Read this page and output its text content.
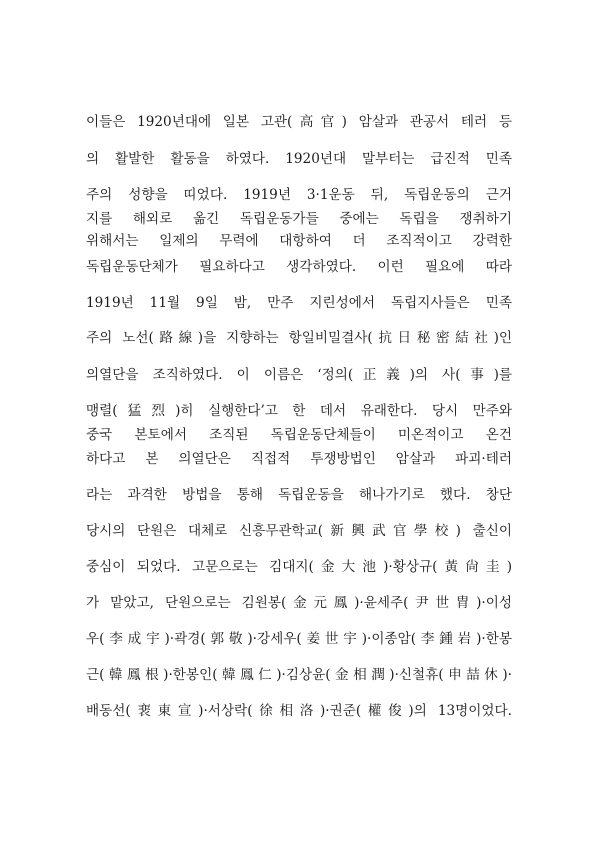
이들은 1920년대에 일본 고관(高官) 암살과 관공서 테러 등
의 활발한 활동을 하였다. 1920년대 말부터는 급진적 민족
주의 성향을 띠었다. 1919년 3·1운동 뒤, 독립운동의 근거
지를 해외로 옮긴 독립운동가들 중에는 독립을 쟁취하기
위해서는 일제의 무력에 대항하여 더 조직적이고 강력한
독립운동단체가 필요하다고 생각하였다. 이런 필요에 따라
1919년 11월 9일 밤, 만주 지린성에서 독립지사들은 민족
주의 노선(路線)을 지향하는 항일비밀결사(抗日秘密結社)인
의열단을 조직하였다. 이 이름은 ‘정의(正義)의 사(事)를
맹렬(猛烈)히 실행한다’고 한 데서 유래한다. 당시 만주와
중국 본토에서 조직된 독립운동단체들이 미온적이고 온건
하다고 본 의열단은 직접적 투쟁방법인 암살과 파괴·테러
라는 과격한 방법을 통해 독립운동을 해나가기로 했다. 창단
당시의 단원은 대체로 신흥무관학교(新興武官學校) 출신이
중심이 되었다. 고문으로는 김대지(金大池)·황상규(黃尙圭)
가 맡았고, 단원으로는 김원봉(金元鳳)·윤세주(尹世胄)·이성
우(李成宇)·곽경(郭敬)·강세우(姜世宇)·이종암(李鍾岩)·한봉
근(韓鳳根)·한봉인(韓鳳仁)·김상윤(金相潤)·신철휴(申喆休)·
배동선(裵東宣)·서상락(徐相洛)·권준(權俊)의 13명이었다.
